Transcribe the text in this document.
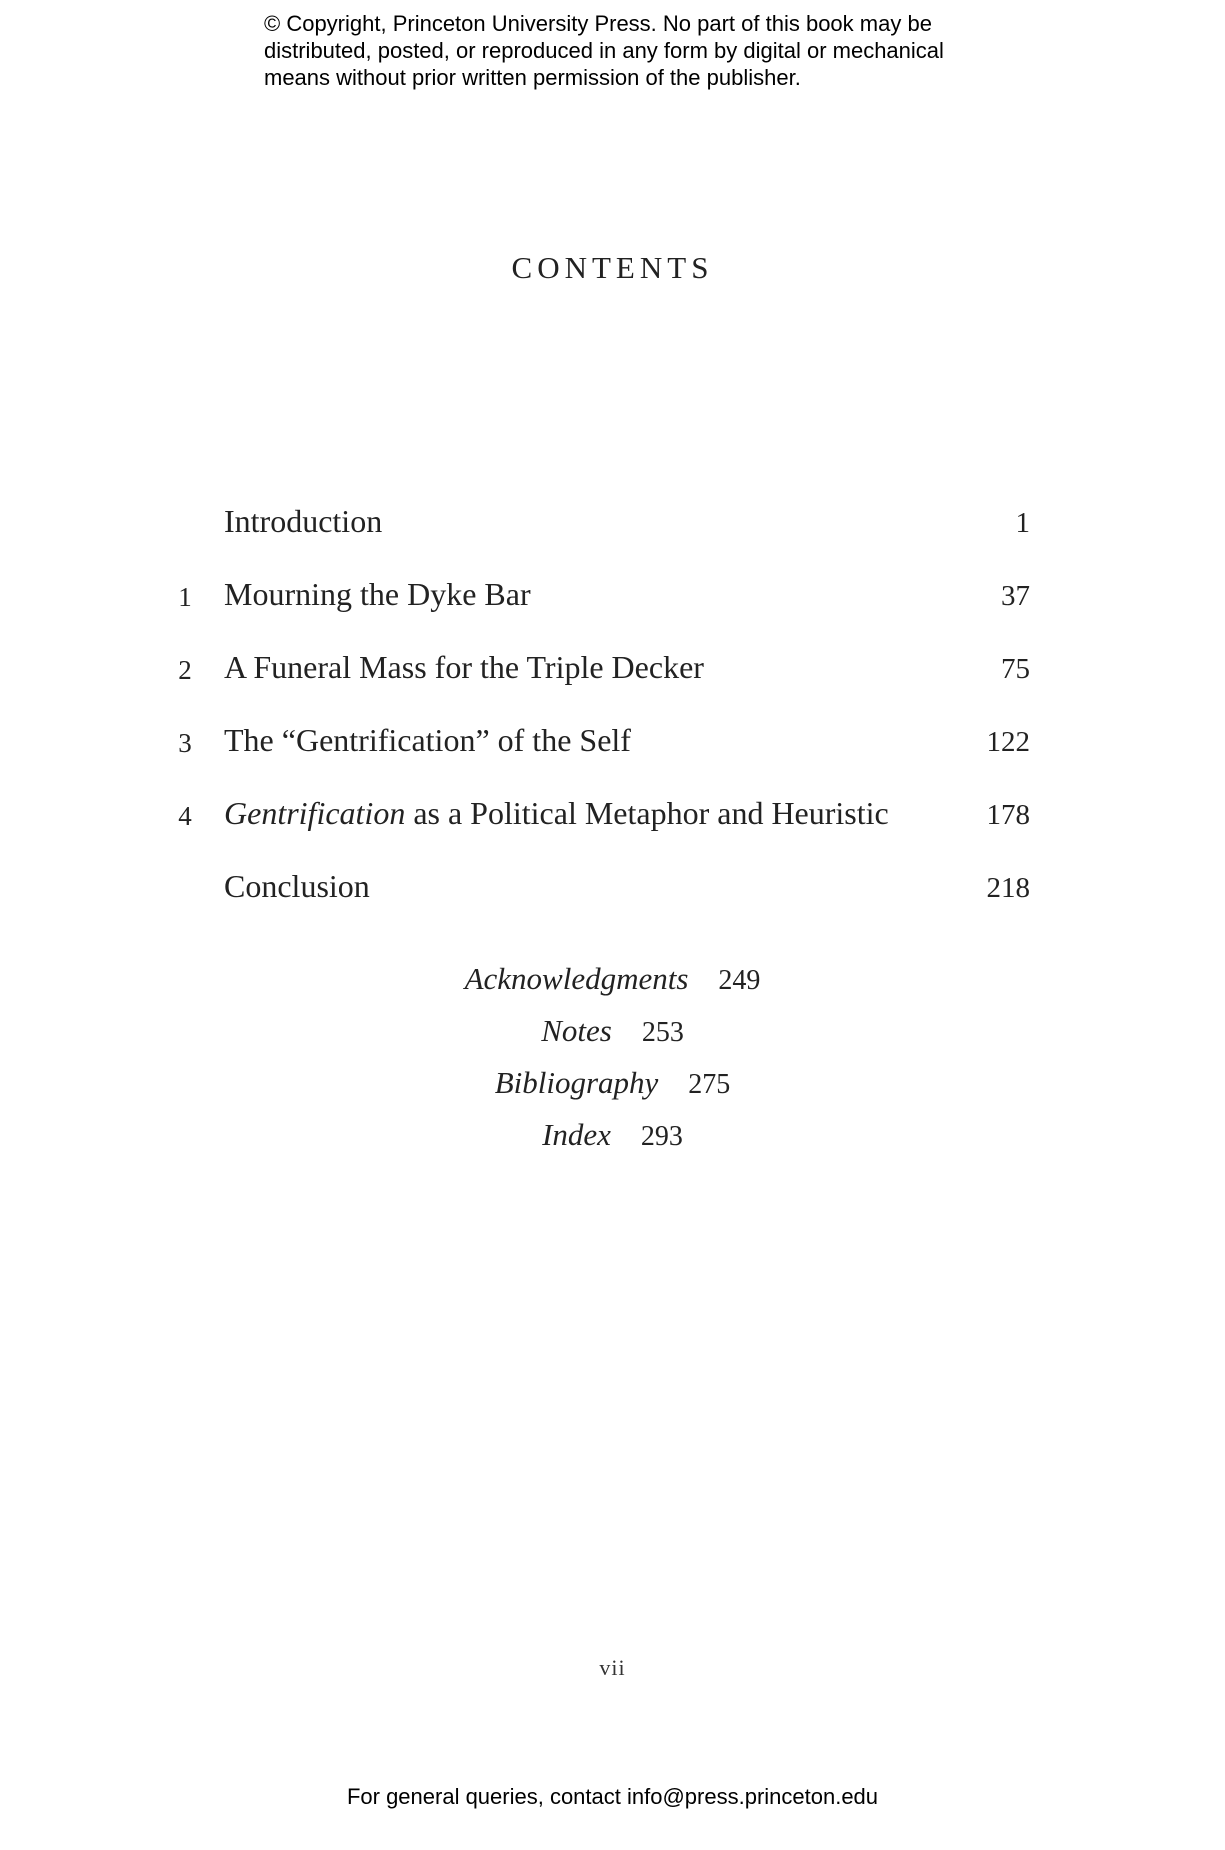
© Copyright, Princeton University Press. No part of this book may be
distributed, posted, or reproduced in any form by digital or mechanical
means without prior written permission of the publisher.
CONTENTS
Introduction	1
1 Mourning the Dyke Bar	37
2 A Funeral Mass for the Triple Decker	75
3 The “Gentrification” of the Self	122
4 Gentrification as a Political Metaphor and Heuristic	178
Conclusion	218
Acknowledgments 249
Notes 253
Bibliography 275
Index 293
vii
For general queries, contact info@press.princeton.edu
